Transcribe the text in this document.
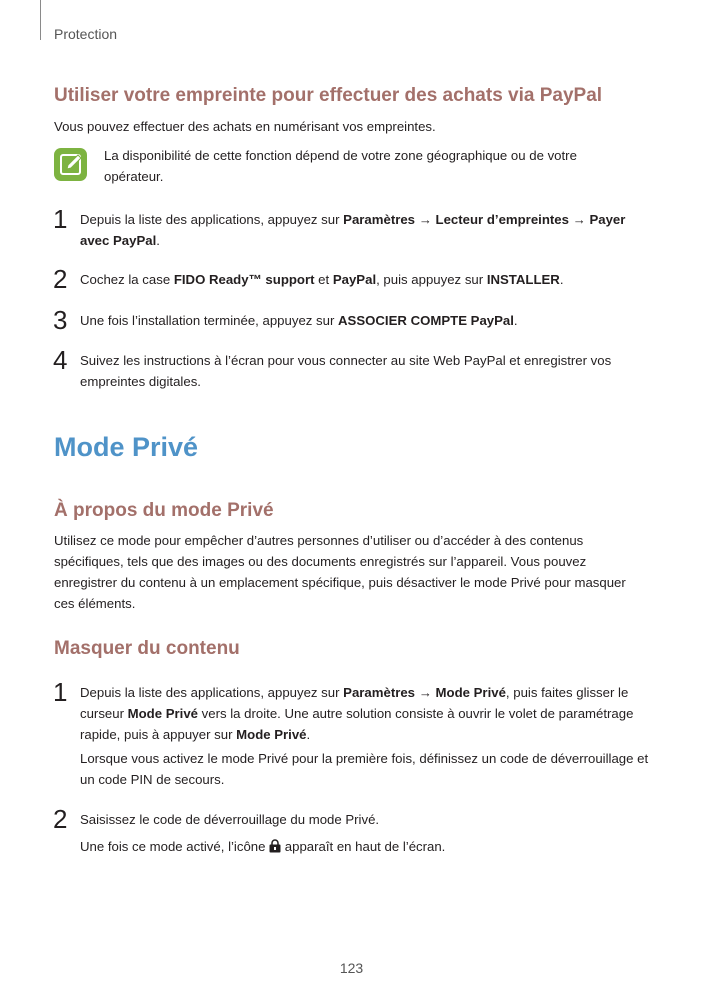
Protection
Utiliser votre empreinte pour effectuer des achats via PayPal

Vous pouvez effectuer des achats en numérisant vos empreintes.

La disponibilité de cette fonction dépend de votre zone géographique ou de votre opérateur.

1 Depuis la liste des applications, appuyez sur Paramètres → Lecteur d’empreintes → Payer avec PayPal.

2 Cochez la case FIDO Ready™ support et PayPal, puis appuyez sur INSTALLER.

3 Une fois l’installation terminée, appuyez sur ASSOCIER COMPTE PayPal.

4 Suivez les instructions à l’écran pour vous connecter au site Web PayPal et enregistrer vos empreintes digitales.

Mode Privé
À propos du mode Privé

Utilisez ce mode pour empêcher d’autres personnes d’utiliser ou d’accéder à des contenus spécifiques, tels que des images ou des documents enregistrés sur l’appareil. Vous pouvez enregistrer du contenu à un emplacement spécifique, puis désactiver le mode Privé pour masquer ces éléments.

Masquer du contenu
1 Depuis la liste des applications, appuyez sur Paramètres → Mode Privé, puis faites glisser le curseur Mode Privé vers la droite. Une autre solution consiste à ouvrir le volet de paramétrage rapide, puis à appuyer sur Mode Privé.

Lorsque vous activez le mode Privé pour la première fois, définissez un code de déverrouillage et un code PIN de secours.

2 Saisissez le code de déverrouillage du mode Privé.

Une fois ce mode activé, l’icône  apparaît en haut de l’écran.

123
